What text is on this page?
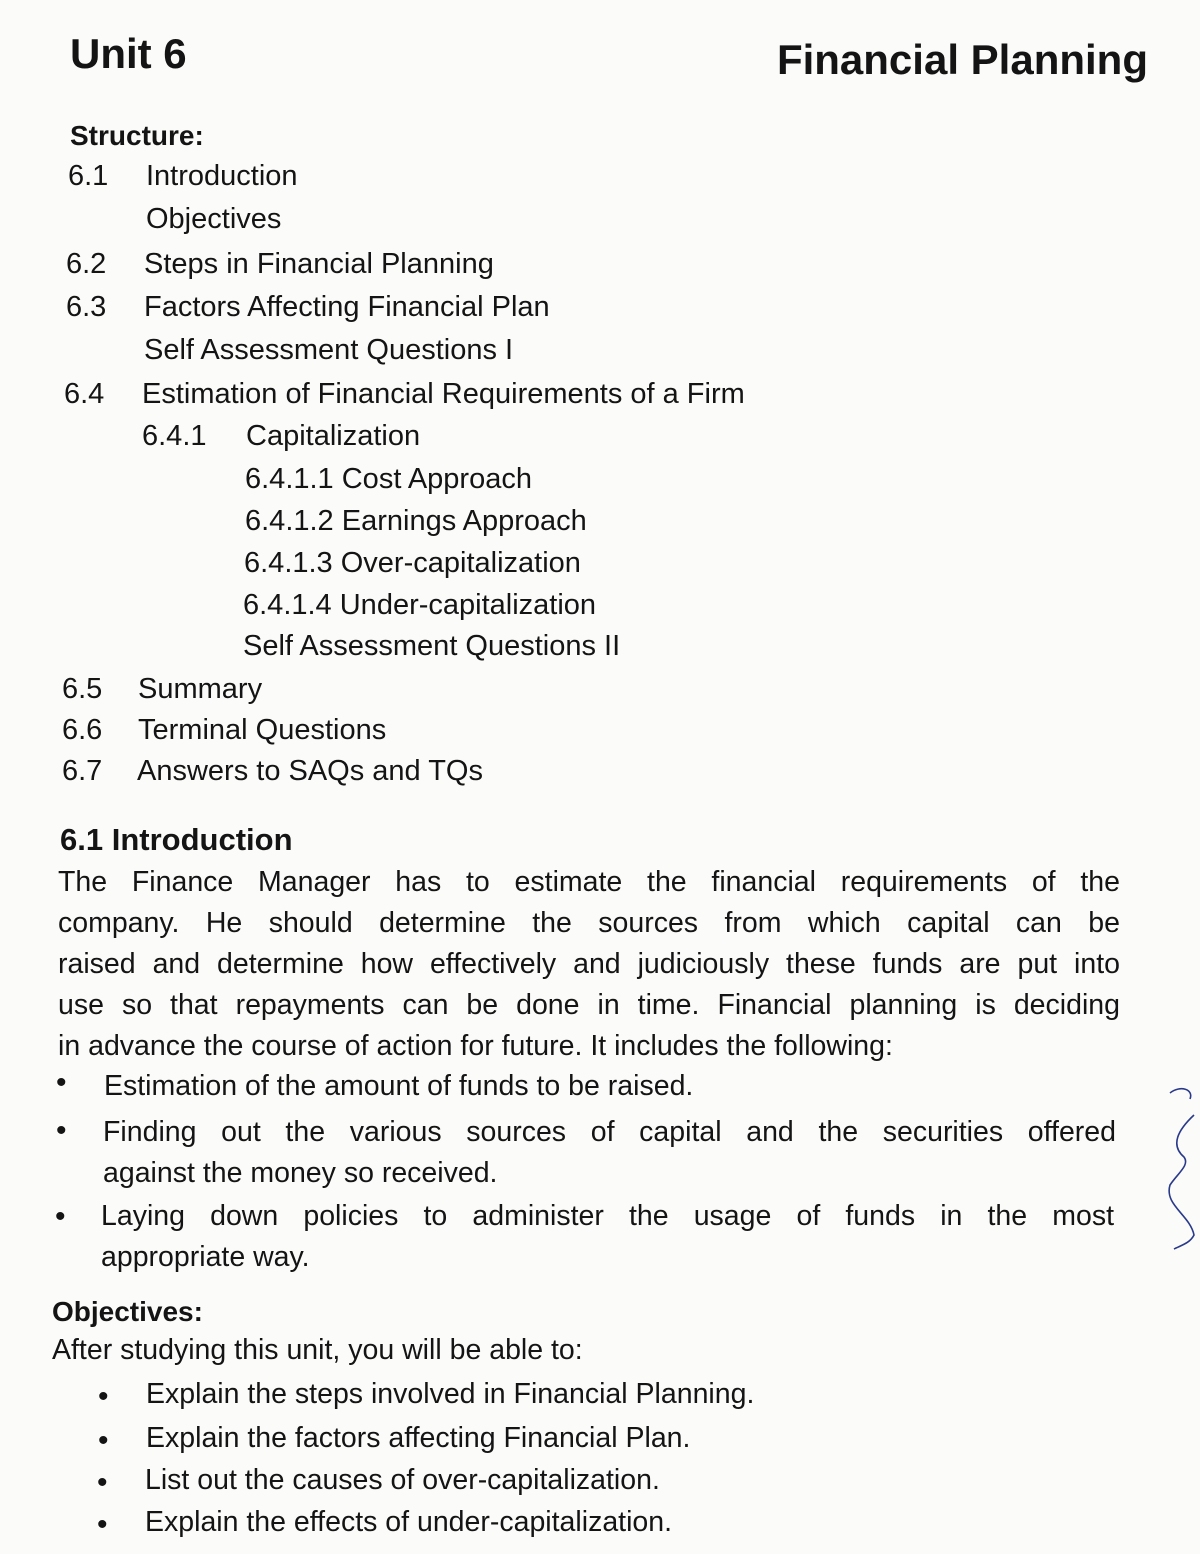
Unit 6	Financial Planning
Structure:
6.1 Introduction
Objectives
6.2 Steps in Financial Planning
6.3 Factors Affecting Financial Plan
Self Assessment Questions I
6.4 Estimation of Financial Requirements of a Firm
6.4.1 Capitalization
6.4.1.1 Cost Approach
6.4.1.2 Earnings Approach
6.4.1.3 Over-capitalization
6.4.1.4 Under-capitalization
Self Assessment Questions II
6.5 Summary
6.6 Terminal Questions
6.7 Answers to SAQs and TQs
6.1 Introduction
The Finance Manager has to estimate the financial requirements of the
company. He should determine the sources from which capital can be
raised and determine how effectively and judiciously these funds are put into
use so that repayments can be done in time. Financial planning is deciding
in advance the course of action for future. It includes the following:
• Estimation of the amount of funds to be raised.
• Finding out the various sources of capital and the securities offered
against the money so received.
• Laying down policies to administer the usage of funds in the most
appropriate way.
Objectives:
After studying this unit, you will be able to:
• Explain the steps involved in Financial Planning.
• Explain the factors affecting Financial Plan.
• List out the causes of over-capitalization.
• Explain the effects of under-capitalization.
